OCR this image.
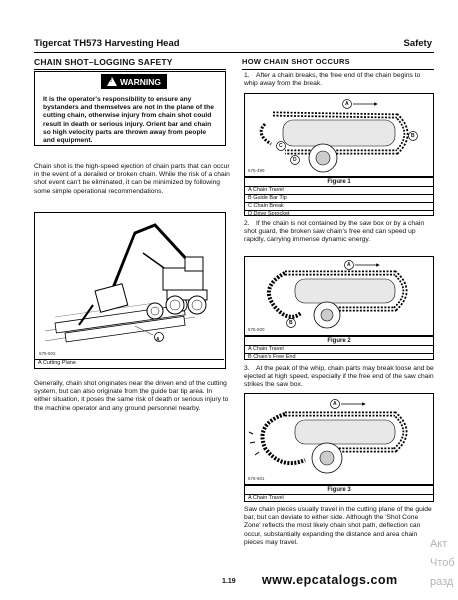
Tigercat TH573 Harvesting Head	Safety
CHAIN SHOT–LOGGING SAFETY
! WARNING
It is the operator's responsibility to ensure any bystanders and themselves are not in the plane of the cutting chain, otherwise injury from chain shot could result in death or serious injury. Orient bar and chain so high velocity parts are thrown away from people and equipment.
Chain shot is the high-speed ejection of chain parts that can occur in the event of a derailed or broken chain. While the risk of a chain shot event can't be eliminated, it can be minimized by following some simple operational recommendations.
A
575-502
A Cutting Plane
Generally, chain shot originates near the driven end of the cutting system, but can also originate from the guide bar tip area. In either situation, it poses the same risk of death or serious injury to the machine operator and any ground personnel nearby.
HOW CHAIN SHOT OCCURS
1. After a chain breaks, the free end of the chain begins to whip away from the break.
A
B
C
D
575-499
Figure 1
A Chain Travel
B Guide Bar Tip
C Chain Break
D Drive Sprocket
2. If the chain is not contained by the saw box or by a chain shot guard, the broken saw chain's free end can speed up rapidly, carrying immense dynamic energy.
A
B
575-500
Figure 2
A Chain Travel
B Chain's Free End
3. At the peak of the whip, chain parts may break loose and be ejected at high speed, especially if the free end of the saw chain strikes the saw box.
A
575-501
Figure 3
A Chain Travel
Saw chain pieces usually travel in the cutting plane of the guide bar, but can deviate to either side. Although the 'Shot Cone Zone' reflects the most likely chain shot path, deflection can occur, substantially expanding the distance and area chain pieces may travel.	Акт
Чтоб
разд
1.19 www.epcatalogs.com
